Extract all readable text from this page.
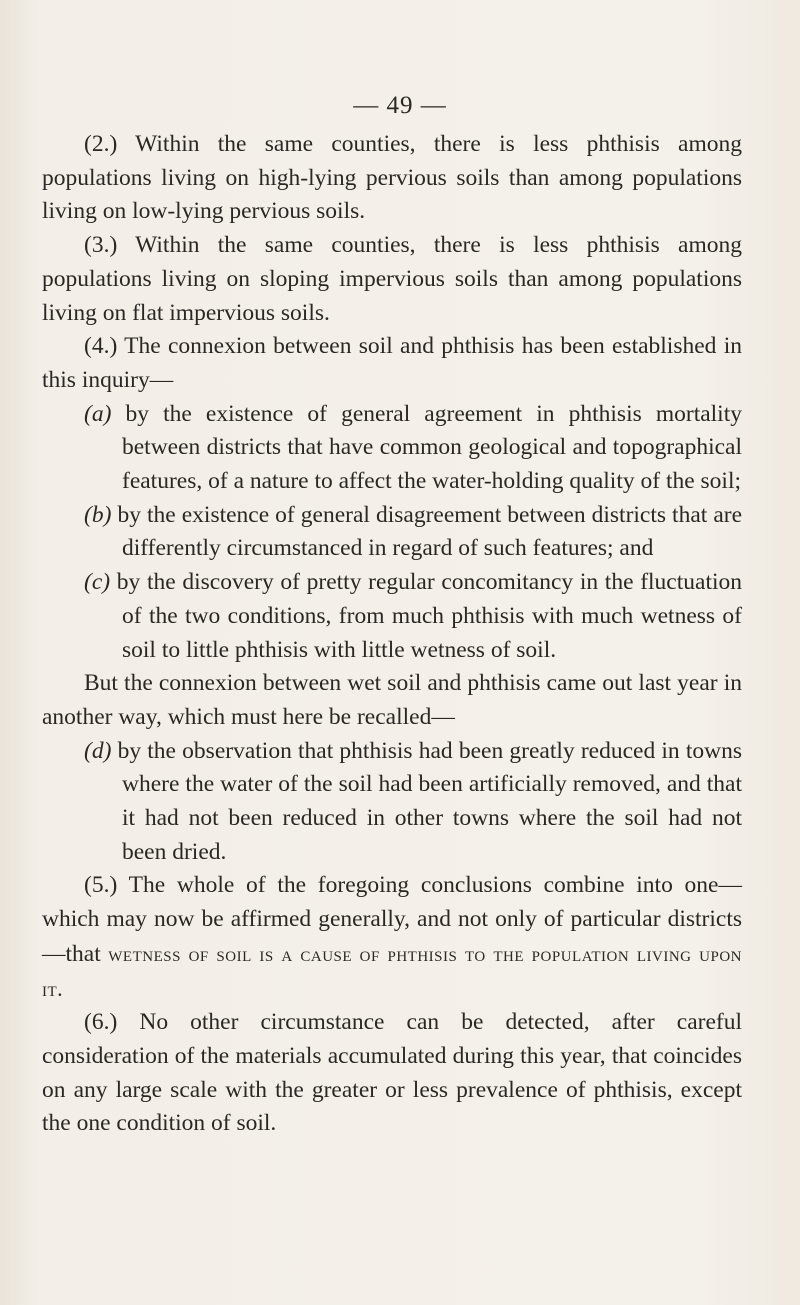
— 49 —

(2.) Within the same counties, there is less phthisis among populations living on high-lying pervious soils than among populations living on low-lying pervious soils.

(3.) Within the same counties, there is less phthisis among populations living on sloping impervious soils than among populations living on flat impervious soils.

(4.) The connexion between soil and phthisis has been established in this inquiry—

(a) by the existence of general agreement in phthisis mortality between districts that have common geological and topographical features, of a nature to affect the water-holding quality of the soil;

(b) by the existence of general disagreement between districts that are differently circumstanced in regard of such features; and

(c) by the discovery of pretty regular concomitancy in the fluctuation of the two conditions, from much phthisis with much wetness of soil to little phthisis with little wetness of soil.

But the connexion between wet soil and phthisis came out last year in another way, which must here be recalled—

(d) by the observation that phthisis had been greatly reduced in towns where the water of the soil had been artificially removed, and that it had not been reduced in other towns where the soil had not been dried.

(5.) The whole of the foregoing conclusions combine into one—which may now be affirmed generally, and not only of particular districts—that wetness of soil is a cause of phthisis to the population living upon it.

(6.) No other circumstance can be detected, after careful consideration of the materials accumulated during this year, that coincides on any large scale with the greater or less prevalence of phthisis, except the one condition of soil.
